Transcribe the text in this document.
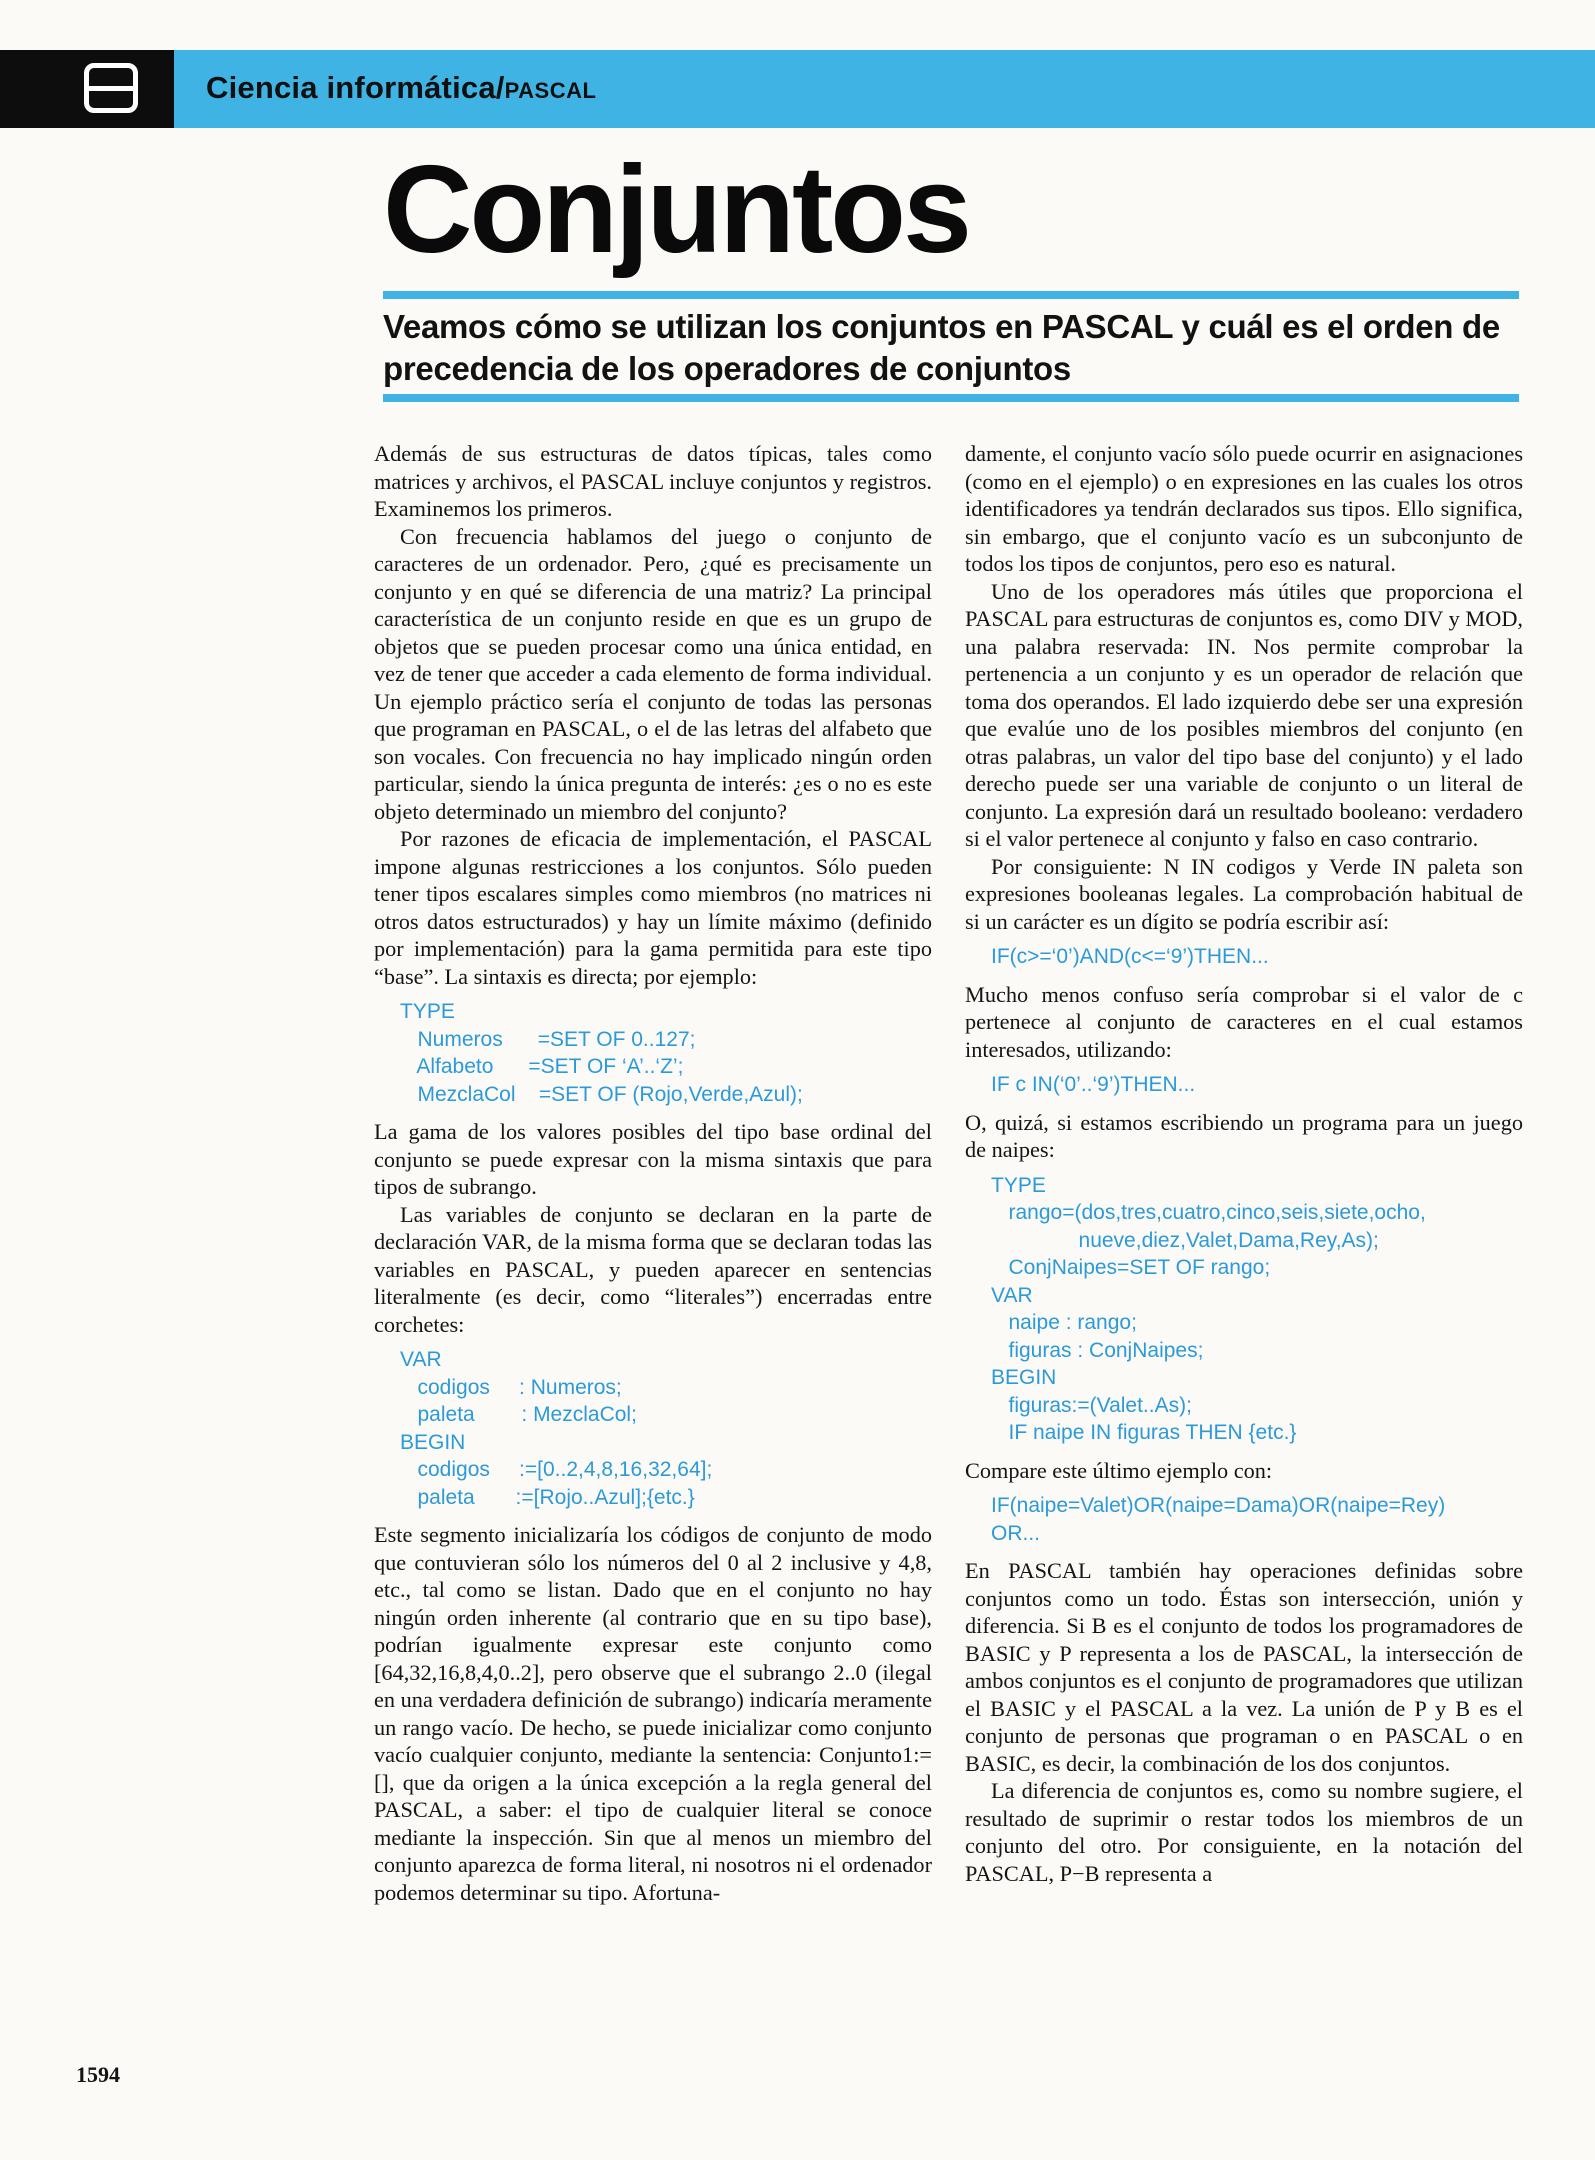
Ciencia informática/PASCAL
Conjuntos
Veamos cómo se utilizan los conjuntos en PASCAL y cuál es el orden de precedencia de los operadores de conjuntos

Además de sus estructuras de datos típicas, tales como matrices y archivos, el PASCAL incluye conjuntos y registros. Examinemos los primeros.

Con frecuencia hablamos del juego o conjunto de caracteres de un ordenador. Pero, ¿qué es precisamente un conjunto y en qué se diferencia de una matriz? La principal característica de un conjunto reside en que es un grupo de objetos que se pueden procesar como una única entidad, en vez de tener que acceder a cada elemento de forma individual. Un ejemplo práctico sería el conjunto de todas las personas que programan en PASCAL, o el de las letras del alfabeto que son vocales. Con frecuencia no hay implicado ningún orden particular, siendo la única pregunta de interés: ¿es o no es este objeto determinado un miembro del conjunto?

Por razones de eficacia de implementación, el PASCAL impone algunas restricciones a los conjuntos. Sólo pueden tener tipos escalares simples como miembros (no matrices ni otros datos estructurados) y hay un límite máximo (definido por implementación) para la gama permitida para este tipo “base”. La sintaxis es directa; por ejemplo:

TYPE
Numeros      =SET OF 0..127;
Alfabeto      =SET OF ‘A’..‘Z’;
MezclaCol    =SET OF (Rojo,Verde,Azul);

La gama de los valores posibles del tipo base ordinal del conjunto se puede expresar con la misma sintaxis que para tipos de subrango.

Las variables de conjunto se declaran en la parte de declaración VAR, de la misma forma que se declaran todas las variables en PASCAL, y pueden aparecer en sentencias literalmente (es decir, como “literales”) encerradas entre corchetes:

VAR
codigos     : Numeros;
paleta        : MezclaCol;
BEGIN
codigos     :=[0..2,4,8,16,32,64];
paleta       :=[Rojo..Azul];{etc.}

Este segmento inicializaría los códigos de conjunto de modo que contuvieran sólo los números del 0 al 2 inclusive y 4,8, etc., tal como se listan. Dado que en el conjunto no hay ningún orden inherente (al contrario que en su tipo base), podrían igualmente expresar este conjunto como [64,32,16,8,4,0..2], pero observe que el subrango 2..0 (ilegal en una verdadera definición de subrango) indicaría meramente un rango vacío. De hecho, se puede inicializar como conjunto vacío cualquier conjunto, mediante la sentencia: Conjunto1:=[], que da origen a la única excepción a la regla general del PASCAL, a saber: el tipo de cualquier literal se conoce mediante la inspección. Sin que al menos un miembro del conjunto aparezca de forma literal, ni nosotros ni el ordenador podemos determinar su tipo. Afortuna-

damente, el conjunto vacío sólo puede ocurrir en asignaciones (como en el ejemplo) o en expresiones en las cuales los otros identificadores ya tendrán declarados sus tipos. Ello significa, sin embargo, que el conjunto vacío es un subconjunto de todos los tipos de conjuntos, pero eso es natural.

Uno de los operadores más útiles que proporciona el PASCAL para estructuras de conjuntos es, como DIV y MOD, una palabra reservada: IN. Nos permite comprobar la pertenencia a un conjunto y es un operador de relación que toma dos operandos. El lado izquierdo debe ser una expresión que evalúe uno de los posibles miembros del conjunto (en otras palabras, un valor del tipo base del conjunto) y el lado derecho puede ser una variable de conjunto o un literal de conjunto. La expresión dará un resultado booleano: verdadero si el valor pertenece al conjunto y falso en caso contrario.

Por consiguiente: N IN codigos y Verde IN paleta son expresiones booleanas legales. La comprobación habitual de si un carácter es un dígito se podría escribir así:

IF(c>=‘0’)AND(c<=‘9’)THEN...

Mucho menos confuso sería comprobar si el valor de c pertenece al conjunto de caracteres en el cual estamos interesados, utilizando:

IF c IN(‘0’..‘9’)THEN...

O, quizá, si estamos escribiendo un programa para un juego de naipes:

TYPE
rango=(dos,tres,cuatro,cinco,seis,siete,ocho,
nueve,diez,Valet,Dama,Rey,As);
ConjNaipes=SET OF rango;
VAR
naipe : rango;
figuras : ConjNaipes;
BEGIN
figuras:=(Valet..As);
IF naipe IN figuras THEN {etc.}

Compare este último ejemplo con:

IF(naipe=Valet)OR(naipe=Dama)OR(naipe=Rey)
OR...

En PASCAL también hay operaciones definidas sobre conjuntos como un todo. Éstas son intersección, unión y diferencia. Si B es el conjunto de todos los programadores de BASIC y P representa a los de PASCAL, la intersección de ambos conjuntos es el conjunto de programadores que utilizan el BASIC y el PASCAL a la vez. La unión de P y B es el conjunto de personas que programan o en PASCAL o en BASIC, es decir, la combinación de los dos conjuntos.

La diferencia de conjuntos es, como su nombre sugiere, el resultado de suprimir o restar todos los miembros de un conjunto del otro. Por consiguiente, en la notación del PASCAL, P−B representa a

1594
